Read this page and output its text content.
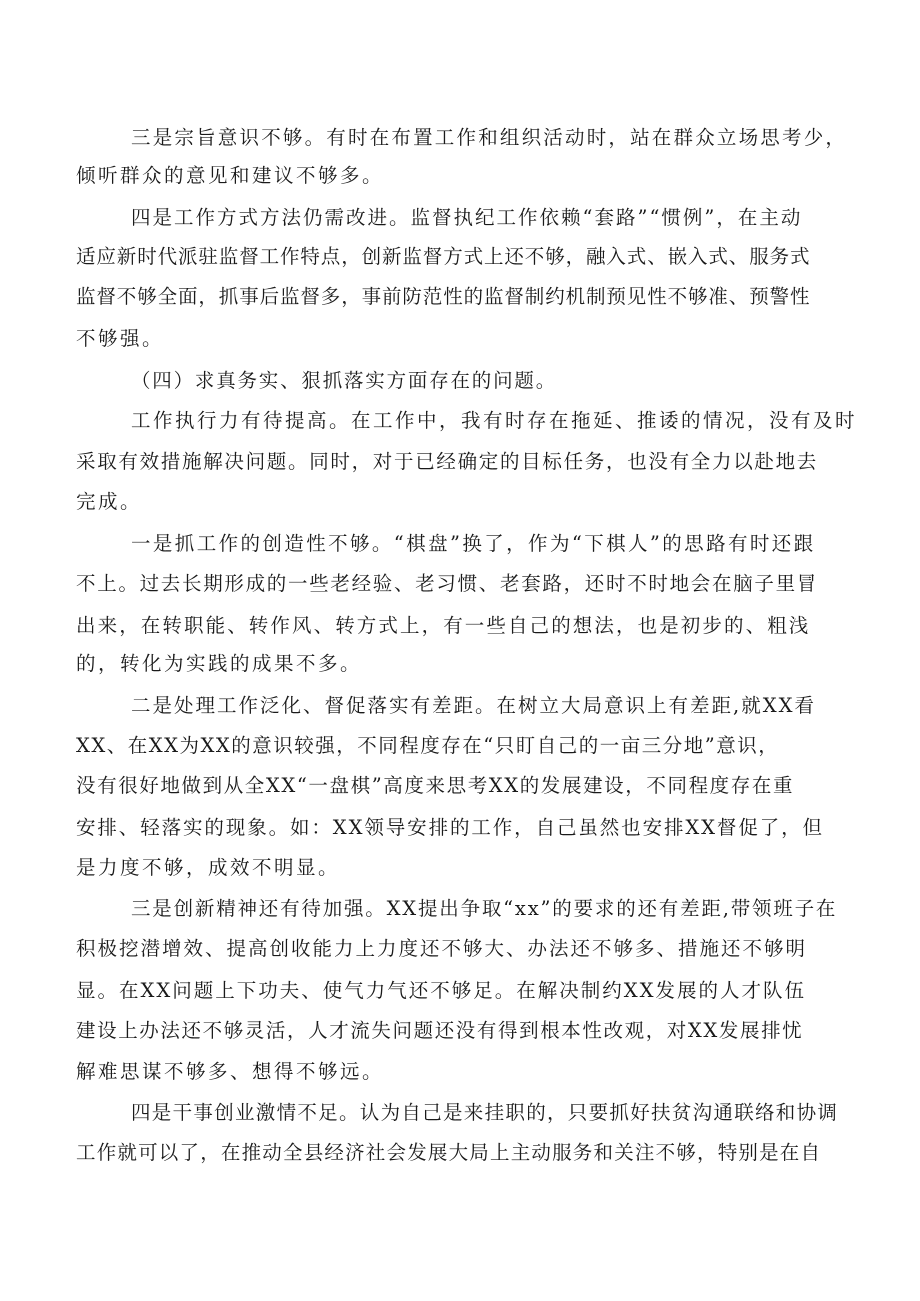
三是宗旨意识不够。有时在布置工作和组织活动时，站在群众立场思考少，

倾听群众的意见和建议不够多。

四是工作方式方法仍需改进。监督执纪工作依赖“套路”“惯例”，在主动

适应新时代派驻监督工作特点，创新监督方式上还不够，融入式、嵌入式、服务式

监督不够全面，抓事后监督多，事前防范性的监督制约机制预见性不够准、预警性

不够强。

（四）求真务实、狠抓落实方面存在的问题。

工作执行力有待提高。在工作中，我有时存在拖延、推诿的情况，没有及时

采取有效措施解决问题。同时，对于已经确定的目标任务，也没有全力以赴地去

完成。

一是抓工作的创造性不够。“棋盘”换了，作为“下棋人”的思路有时还跟

不上。过去长期形成的一些老经验、老习惯、老套路，还时不时地会在脑子里冒

出来，在转职能、转作风、转方式上，有一些自己的想法，也是初步的、粗浅

的，转化为实践的成果不多。

二是处理工作泛化、督促落实有差距。在树立大局意识上有差距,就XX看

XX、在XX为XX的意识较强，不同程度存在“只盯自己的一亩三分地”意识，

没有很好地做到从全XX“一盘棋”高度来思考XX的发展建设，不同程度存在重

安排、轻落实的现象。如：XX领导安排的工作，自己虽然也安排XX督促了，但

是力度不够，成效不明显。

三是创新精神还有待加强。XX提出争取“xx”的要求的还有差距,带领班子在

积极挖潜增效、提高创收能力上力度还不够大、办法还不够多、措施还不够明

显。在XX问题上下功夫、使气力气还不够足。在解决制约XX发展的人才队伍

建设上办法还不够灵活，人才流失问题还没有得到根本性改观，对XX发展排忧

解难思谋不够多、想得不够远。

四是干事创业激情不足。认为自己是来挂职的，只要抓好扶贫沟通联络和协调

工作就可以了，在推动全县经济社会发展大局上主动服务和关注不够，特别是在自
